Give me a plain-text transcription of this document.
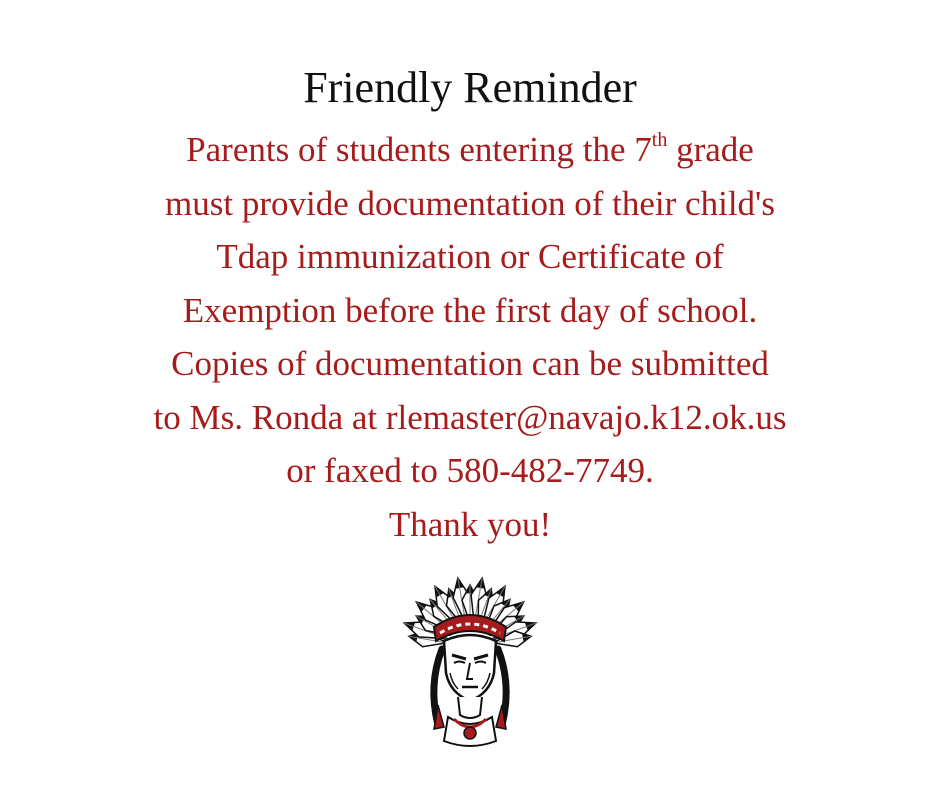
Friendly Reminder
Parents of students entering the 7th grade
must provide documentation of their child's
Tdap immunization or Certificate of
Exemption before the first day of school.
Copies of documentation can be submitted
to Ms. Ronda at rlemaster@navajo.k12.ok.us
or faxed to 580-482-7749.
Thank you!
